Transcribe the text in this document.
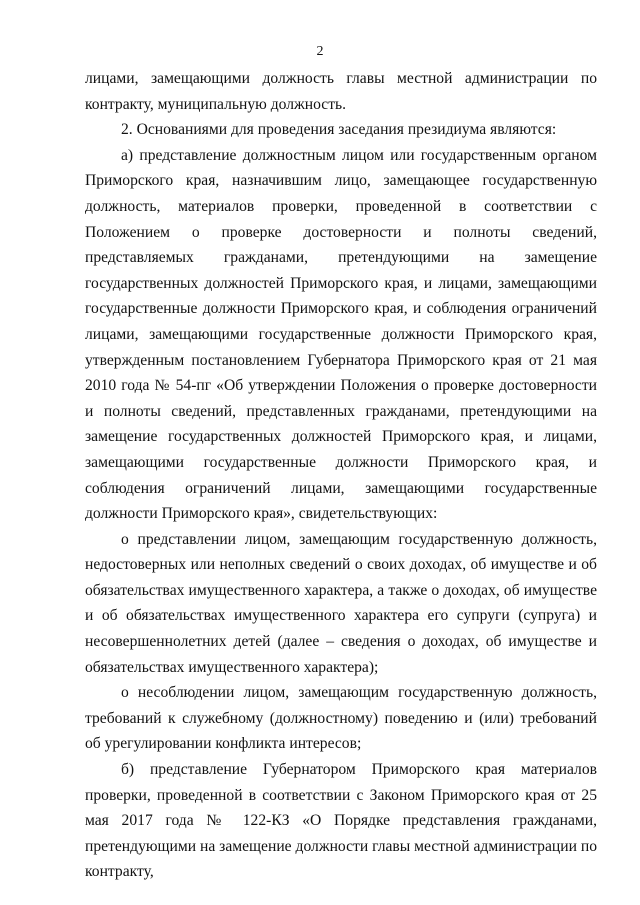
2

лицами, замещающими должность главы местной администрации по контракту, муниципальную должность.

2. Основаниями для проведения заседания президиума являются:

а) представление должностным лицом или государственным органом Приморского края, назначившим лицо, замещающее государственную должность, материалов проверки, проведенной в соответствии с Положением о проверке достоверности и полноты сведений, представляемых гражданами, претендующими на замещение государственных должностей Приморского края, и лицами, замещающими государственные должности Приморского края, и соблюдения ограничений лицами, замещающими государственные должности Приморского края, утвержденным постановлением Губернатора Приморского края от 21 мая 2010 года № 54-пг «Об утверждении Положения о проверке достоверности и полноты сведений, представленных гражданами, претендующими на замещение государственных должностей Приморского края, и лицами, замещающими государственные должности Приморского края, и соблюдения ограничений лицами, замещающими государственные должности Приморского края», свидетельствующих:

о представлении лицом, замещающим государственную должность, недостоверных или неполных сведений о своих доходах, об имуществе и об обязательствах имущественного характера, а также о доходах, об имуществе и об обязательствах имущественного характера его супруги (супруга) и несовершеннолетних детей (далее – сведения о доходах, об имуществе и обязательствах имущественного характера);

о несоблюдении лицом, замещающим государственную должность, требований к служебному (должностному) поведению и (или) требований об урегулировании конфликта интересов;

б) представление Губернатором Приморского края материалов проверки, проведенной в соответствии с Законом Приморского края от 25 мая 2017 года № 122-КЗ «О Порядке представления гражданами, претендующими на замещение должности главы местной администрации по контракту,
